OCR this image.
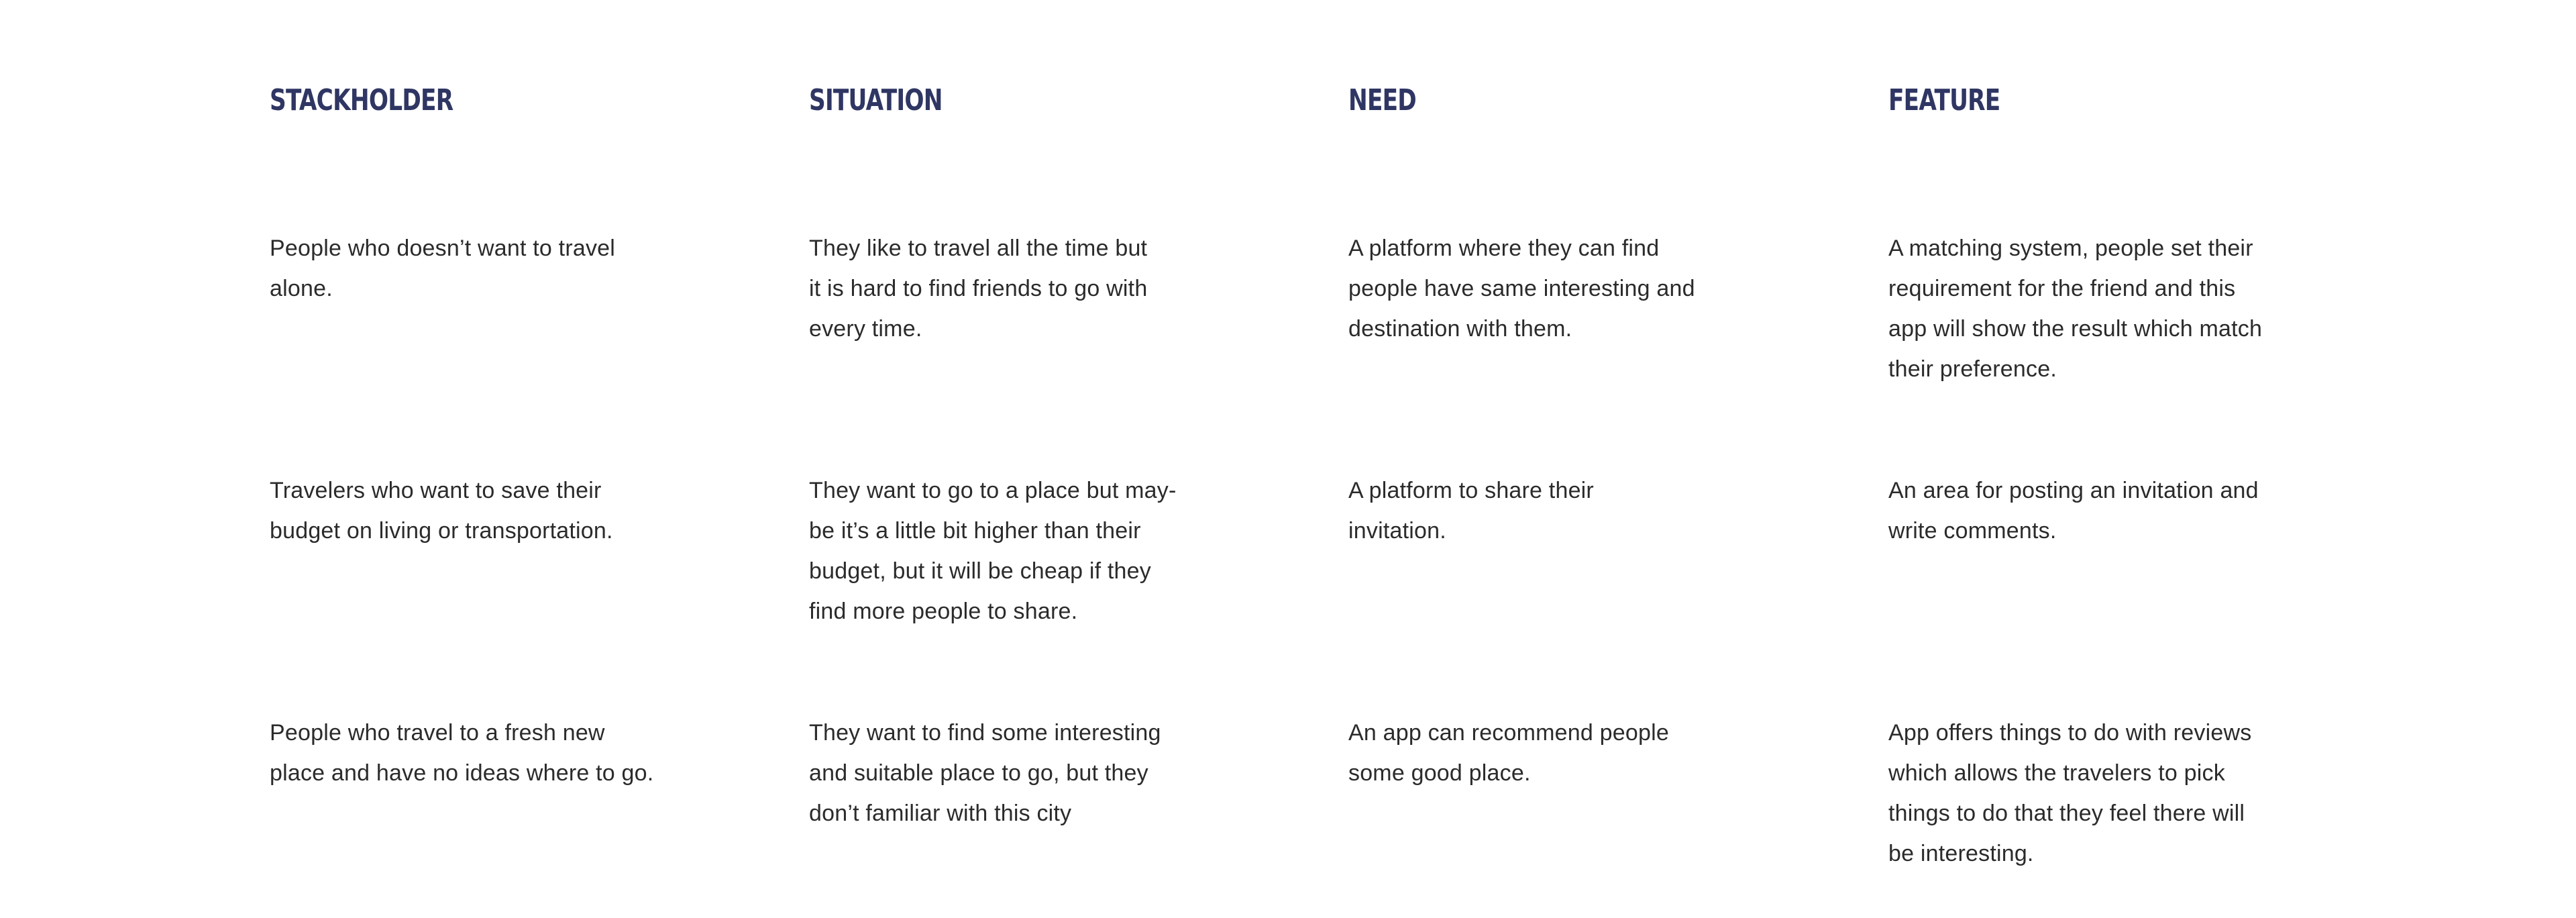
STACKHOLDER

People who doesn’t want to travel
alone.

Travelers who want to save their
budget on living or transportation.

People who travel to a fresh new
place and have no ideas where to go.

SITUATION

They like to travel all the time but
it is hard to find friends to go with
every time.

They want to go to a place but may-
be it’s a little bit higher than their
budget, but it will be cheap if they
find more people to share.

They want to find some interesting
and suitable place to go, but they
don’t familiar with this city

NEED

A platform where they can find
people have same interesting and
destination with them.

A platform to share their
invitation.

An app can recommend people
some good place.

FEATURE

A matching system, people set their
requirement for the friend and this
app will show the result which match
their preference.

An area for posting an invitation and
write comments.

App offers things to do with reviews
which allows the travelers to pick
things to do that they feel there will
be interesting.
